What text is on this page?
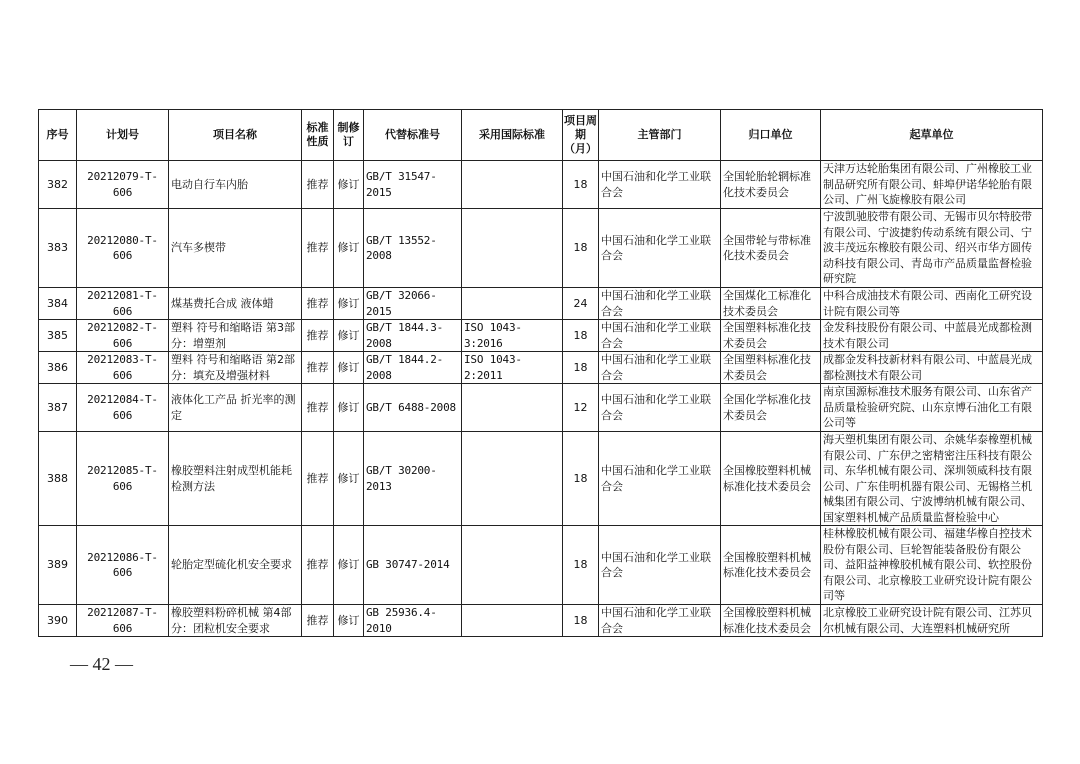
序号	计划号	项目名称	标准性质	制修订	代替标准号	采用国际标准	项目周期（月）	主管部门	归口单位	起草单位
382	20212079-T-606	电动自行车内胎	推荐	修订	GB/T 31547-2015		18	中国石油和化学工业联合会	全国轮胎轮辋标准化技术委员会	天津万达轮胎集团有限公司、广州橡胶工业制品研究所有限公司、蚌埠伊诺华轮胎有限公司、广州飞旋橡胶有限公司
383	20212080-T-606	汽车多楔带	推荐	修订	GB/T 13552-2008		18	中国石油和化学工业联合会	全国带轮与带标准化技术委员会	宁波凯驰胶带有限公司、无锡市贝尔特胶带有限公司、宁波捷豹传动系统有限公司、宁波丰茂远东橡胶有限公司、绍兴市华方圆传动科技有限公司、青岛市产品质量监督检验研究院
384	20212081-T-606	煤基费托合成 液体蜡	推荐	修订	GB/T 32066-2015		24	中国石油和化学工业联合会	全国煤化工标准化技术委员会	中科合成油技术有限公司、西南化工研究设计院有限公司等
385	20212082-T-606	塑料 符号和缩略语 第3部分：增塑剂	推荐	修订	GB/T 1844.3-2008	ISO 1043-3:2016	18	中国石油和化学工业联合会	全国塑料标准化技术委员会	金发科技股份有限公司、中蓝晨光成都检测技术有限公司
386	20212083-T-606	塑料 符号和缩略语 第2部分：填充及增强材料	推荐	修订	GB/T 1844.2-2008	ISO 1043-2:2011	18	中国石油和化学工业联合会	全国塑料标准化技术委员会	成都金发科技新材料有限公司、中蓝晨光成都检测技术有限公司
387	20212084-T-606	液体化工产品 折光率的测定	推荐	修订	GB/T 6488-2008		12	中国石油和化学工业联合会	全国化学标准化技术委员会	南京国源标准技术服务有限公司、山东省产品质量检验研究院、山东京博石油化工有限公司等
388	20212085-T-606	橡胶塑料注射成型机能耗检测方法	推荐	修订	GB/T 30200-2013		18	中国石油和化学工业联合会	全国橡胶塑料机械标准化技术委员会	海天塑机集团有限公司、余姚华泰橡塑机械有限公司、广东伊之密精密注压科技有限公司、东华机械有限公司、深圳领威科技有限公司、广东佳明机器有限公司、无锡格兰机械集团有限公司、宁波博纳机械有限公司、国家塑料机械产品质量监督检验中心
389	20212086-T-606	轮胎定型硫化机安全要求	推荐	修订	GB 30747-2014		18	中国石油和化学工业联合会	全国橡胶塑料机械标准化技术委员会	桂林橡胶机械有限公司、福建华橡自控技术股份有限公司、巨轮智能装备股份有限公司、益阳益神橡胶机械有限公司、软控股份有限公司、北京橡胶工业研究设计院有限公司等
390	20212087-T-606	橡胶塑料粉碎机械 第4部分：团粒机安全要求	推荐	修订	GB 25936.4-2010		18	中国石油和化学工业联合会	全国橡胶塑料机械标准化技术委员会	北京橡胶工业研究设计院有限公司、江苏贝尔机械有限公司、大连塑料机械研究所
— 42 —
